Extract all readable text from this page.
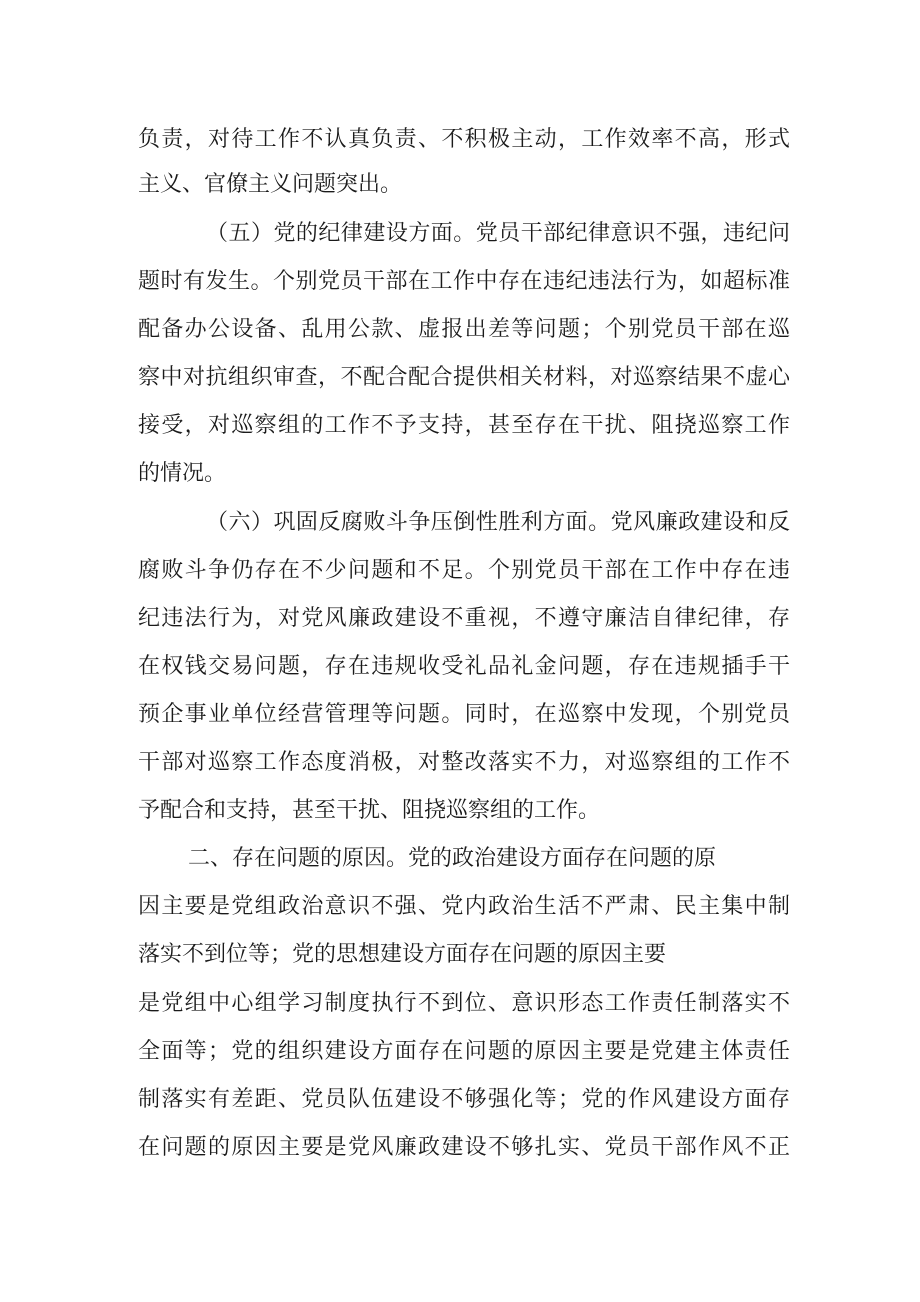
负责，对待工作不认真负责、不积极主动，工作效率不高，形式
主义、官僚主义问题突出。
（五）党的纪律建设方面。党员干部纪律意识不强，违纪问
题时有发生。个别党员干部在工作中存在违纪违法行为，如超标准
配备办公设备、乱用公款、虚报出差等问题；个别党员干部在巡
察中对抗组织审查，不配合配合提供相关材料，对巡察结果不虚心
接受，对巡察组的工作不予支持，甚至存在干扰、阻挠巡察工作
的情况。
（六）巩固反腐败斗争压倒性胜利方面。党风廉政建设和反
腐败斗争仍存在不少问题和不足。个别党员干部在工作中存在违
纪违法行为，对党风廉政建设不重视，不遵守廉洁自律纪律，存
在权钱交易问题，存在违规收受礼品礼金问题，存在违规插手干
预企事业单位经营管理等问题。同时，在巡察中发现，个别党员
干部对巡察工作态度消极，对整改落实不力，对巡察组的工作不
予配合和支持，甚至干扰、阻挠巡察组的工作。
二、存在问题的原因。党的政治建设方面存在问题的原
因主要是党组政治意识不强、党内政治生活不严肃、民主集中制
落实不到位等；党的思想建设方面存在问题的原因主要
是党组中心组学习制度执行不到位、意识形态工作责任制落实不
全面等；党的组织建设方面存在问题的原因主要是党建主体责任
制落实有差距、党员队伍建设不够强化等；党的作风建设方面存
在问题的原因主要是党风廉政建设不够扎实、党员干部作风不正
